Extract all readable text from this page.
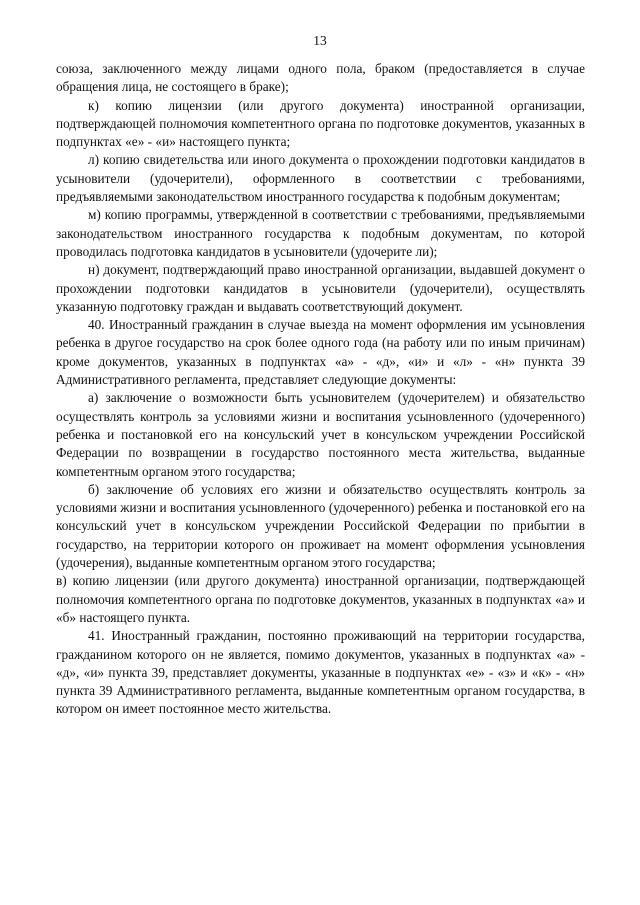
13

союза, заключенного между лицами одного пола, браком (предоставляется в случае обращения лица, не состоящего в браке);

к) копию лицензии (или другого документа) иностранной организации, подтверждающей полномочия компетентного органа по подготовке документов, указанных в подпунктах «е» - «и» настоящего пункта;

л) копию свидетельства или иного документа о прохождении подготовки кандидатов в усыновители (удочерители), оформленного в соответствии с требованиями, предъявляемыми законодательством иностранного государства к подобным документам;

м) копию программы, утвержденной в соответствии с требованиями, предъявляемыми законодательством иностранного государства к подобным документам, по которой проводилась подготовка кандидатов в усыновители (удочерите ли);

н) документ, подтверждающий право иностранной организации, выдавшей документ о прохождении подготовки кандидатов в усыновители (удочерители), осуществлять указанную подготовку граждан и выдавать соответствующий документ.

40. Иностранный гражданин в случае выезда на момент оформления им усыновления ребенка в другое государство на срок более одного года (на работу или по иным причинам) кроме документов, указанных в подпунктах «а» - «д», «и» и «л» - «н» пункта 39 Административного регламента, представляет следующие документы:

а) заключение о возможности быть усыновителем (удочерителем) и обязательство осуществлять контроль за условиями жизни и воспитания усыновленного (удочеренного) ребенка и постановкой его на консульский учет в консульском учреждении Российской Федерации по возвращении в государство постоянного места жительства, выданные компетентным органом этого государства;

б) заключение об условиях его жизни и обязательство осуществлять контроль за условиями жизни и воспитания усыновленного (удочеренного) ребенка и постановкой его на консульский учет в консульском учреждении Российской Федерации по прибытии в государство, на территории которого он проживает на момент оформления усыновления (удочерения), выданные компетентным органом этого государства;

в) копию лицензии (или другого документа) иностранной организации, подтверждающей полномочия компетентного органа по подготовке документов, указанных в подпунктах «а» и «б» настоящего пункта.

41. Иностранный гражданин, постоянно проживающий на территории государства, гражданином которого он не является, помимо документов, указанных в подпунктах «а» - «д», «и» пункта 39, представляет документы, указанные в подпунктах «е» - «з» и «к» - «н» пункта 39 Административного регламента, выданные компетентным органом государства, в котором он имеет постоянное место жительства.
